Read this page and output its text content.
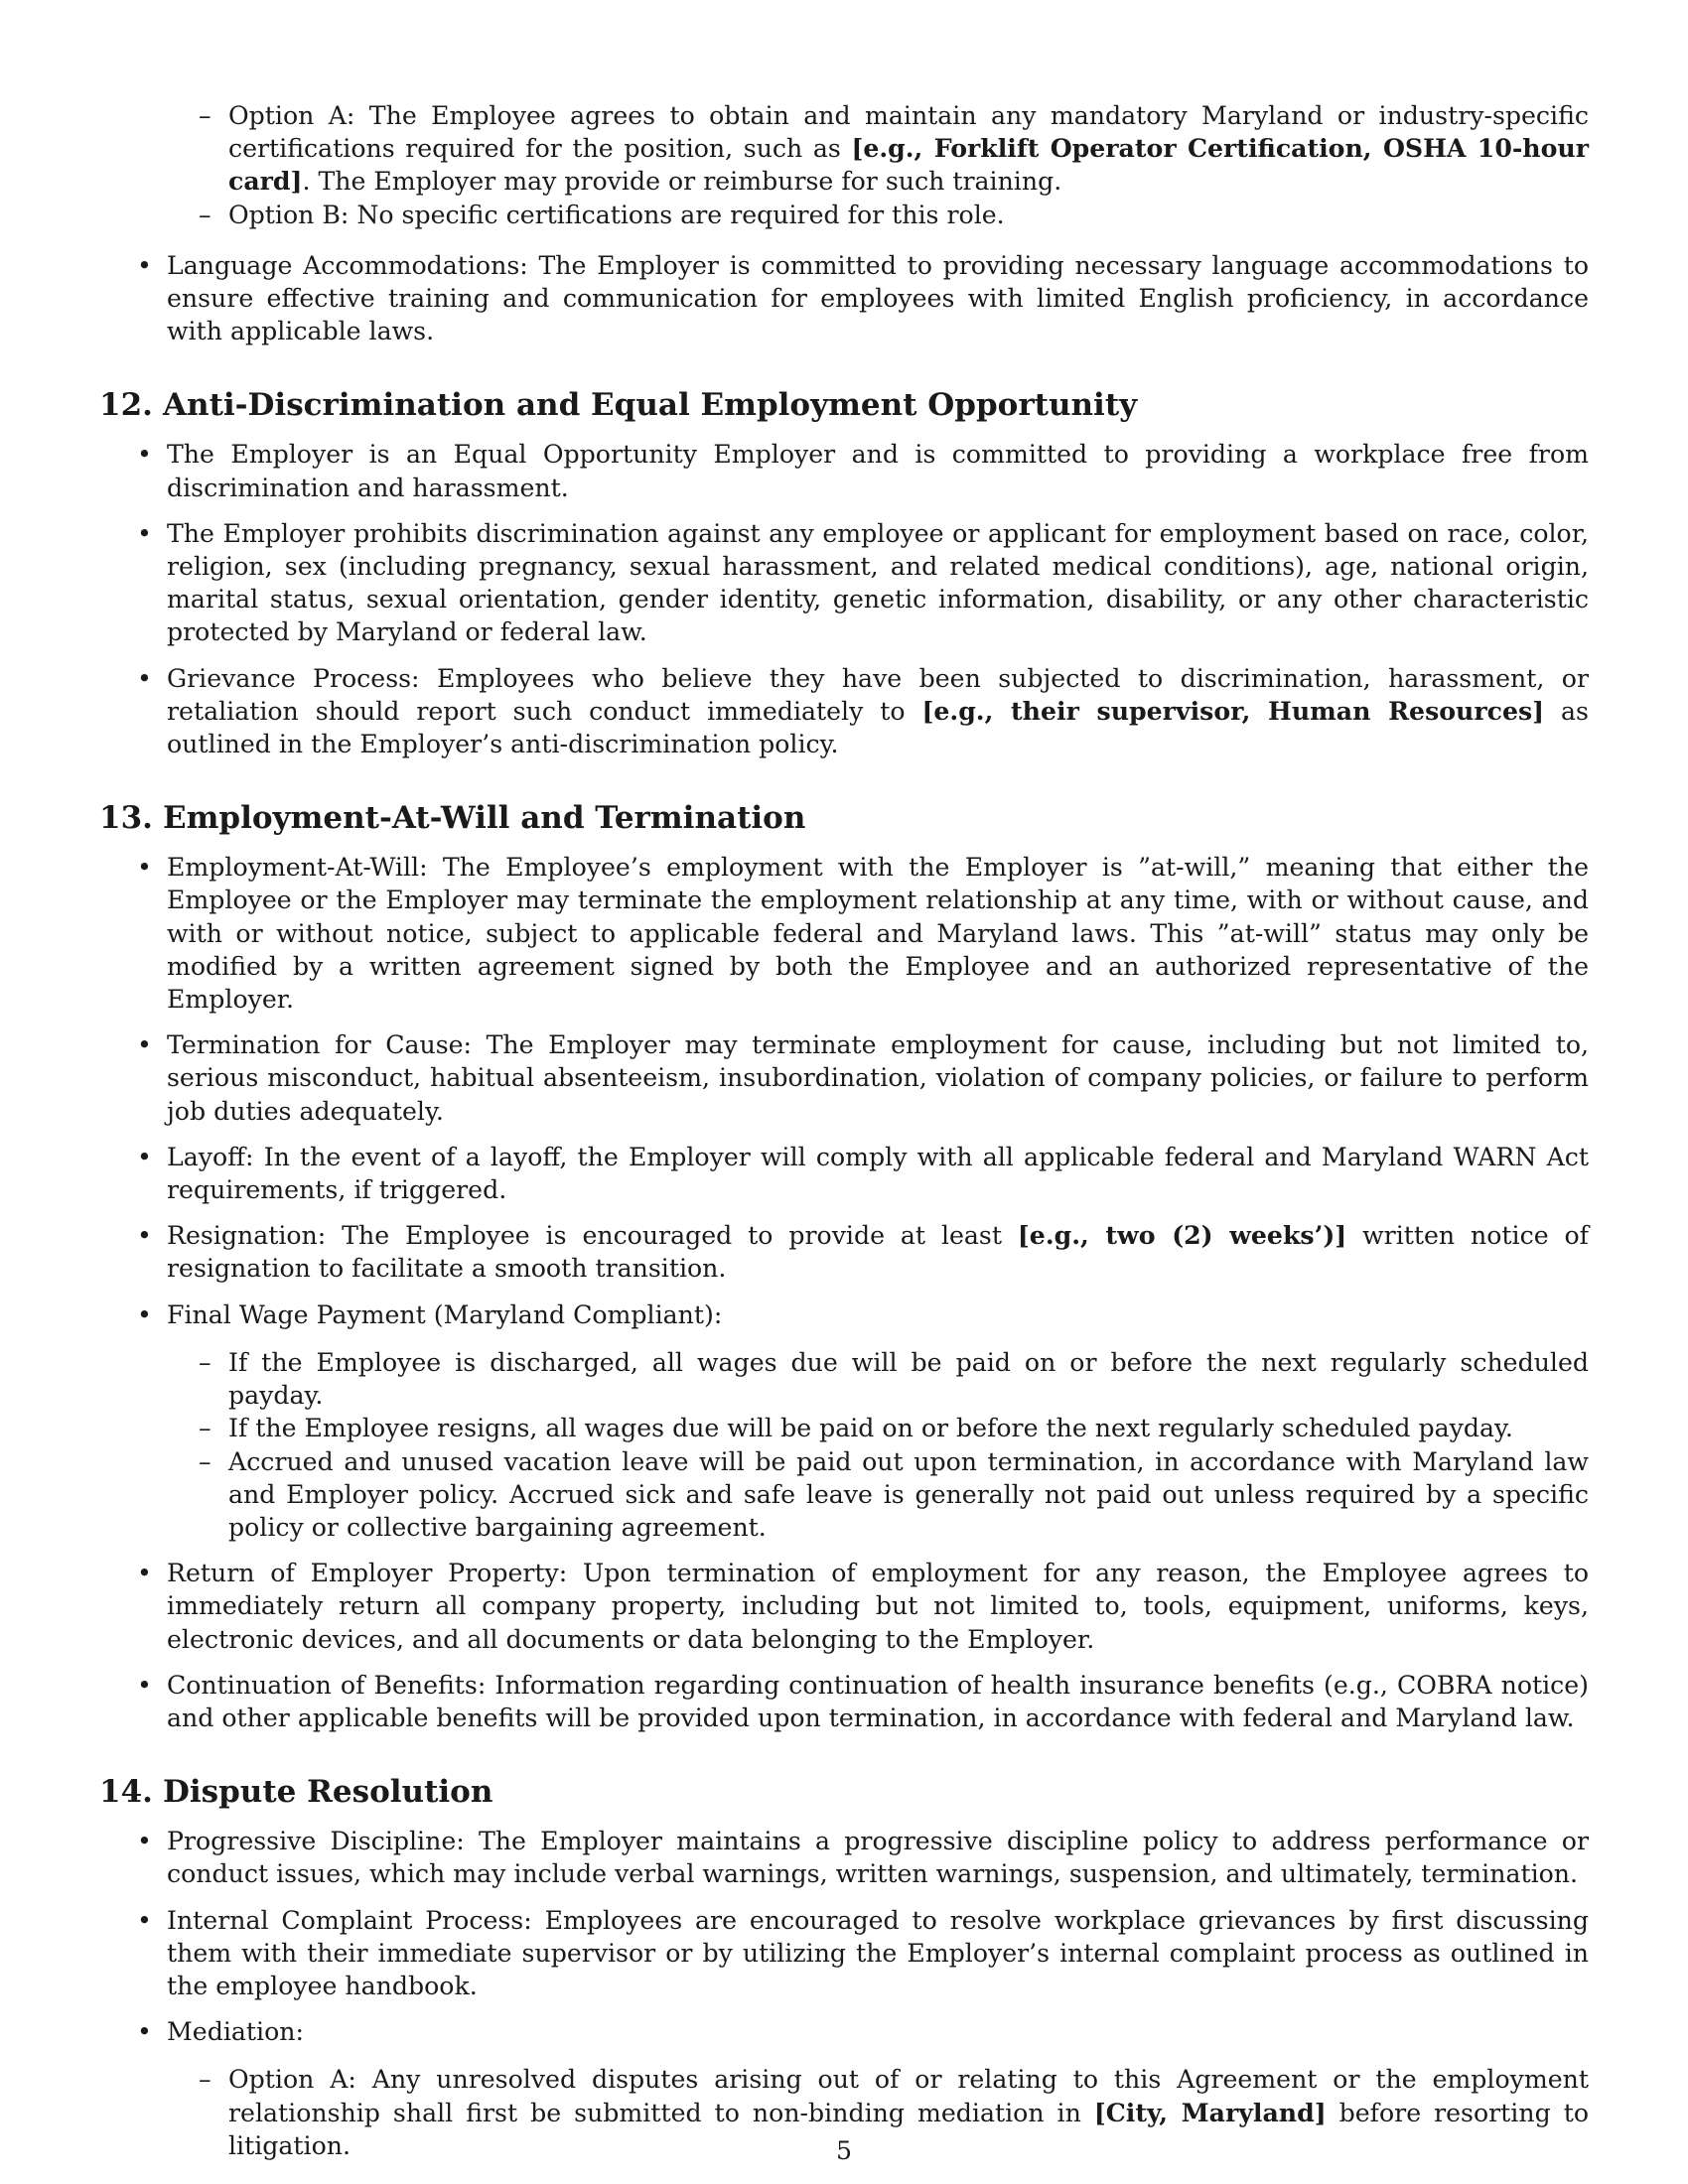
– Option A: The Employee agrees to obtain and maintain any mandatory Maryland or industry-specific certifications required for the position, such as [e.g., Forklift Operator Certification, OSHA 10-hour card]. The Employer may provide or reimburse for such training.
– Option B: No specific certifications are required for this role.
• Language Accommodations: The Employer is committed to providing necessary language accommodations to ensure effective training and communication for employees with limited English proficiency, in accordance with applicable laws.
12. Anti-Discrimination and Equal Employment Opportunity
• The Employer is an Equal Opportunity Employer and is committed to providing a workplace free from discrimination and harassment.
• The Employer prohibits discrimination against any employee or applicant for employment based on race, color, religion, sex (including pregnancy, sexual harassment, and related medical conditions), age, national origin, marital status, sexual orientation, gender identity, genetic information, disability, or any other characteristic protected by Maryland or federal law.
• Grievance Process: Employees who believe they have been subjected to discrimination, harassment, or retaliation should report such conduct immediately to [e.g., their supervisor, Human Resources] as outlined in the Employer’s anti-discrimination policy.
13. Employment-At-Will and Termination
• Employment-At-Will: The Employee’s employment with the Employer is ”at-will,” meaning that either the Employee or the Employer may terminate the employment relationship at any time, with or without cause, and with or without notice, subject to applicable federal and Maryland laws. This ”at-will” status may only be modified by a written agreement signed by both the Employee and an authorized representative of the Employer.
• Termination for Cause: The Employer may terminate employment for cause, including but not limited to, serious misconduct, habitual absenteeism, insubordination, violation of company policies, or failure to perform job duties adequately.
• Layoff: In the event of a layoff, the Employer will comply with all applicable federal and Maryland WARN Act requirements, if triggered.
• Resignation: The Employee is encouraged to provide at least [e.g., two (2) weeks’)] written notice of resignation to facilitate a smooth transition.
• Final Wage Payment (Maryland Compliant):
– If the Employee is discharged, all wages due will be paid on or before the next regularly scheduled payday.
– If the Employee resigns, all wages due will be paid on or before the next regularly scheduled payday.
– Accrued and unused vacation leave will be paid out upon termination, in accordance with Maryland law and Employer policy. Accrued sick and safe leave is generally not paid out unless required by a specific policy or collective bargaining agreement.
• Return of Employer Property: Upon termination of employment for any reason, the Employee agrees to immediately return all company property, including but not limited to, tools, equipment, uniforms, keys, electronic devices, and all documents or data belonging to the Employer.
• Continuation of Benefits: Information regarding continuation of health insurance benefits (e.g., COBRA notice) and other applicable benefits will be provided upon termination, in accordance with federal and Maryland law.
14. Dispute Resolution
• Progressive Discipline: The Employer maintains a progressive discipline policy to address performance or conduct issues, which may include verbal warnings, written warnings, suspension, and ultimately, termination.
• Internal Complaint Process: Employees are encouraged to resolve workplace grievances by first discussing them with their immediate supervisor or by utilizing the Employer’s internal complaint process as outlined in the employee handbook.
• Mediation:
– Option A: Any unresolved disputes arising out of or relating to this Agreement or the employment relationship shall first be submitted to non-binding mediation in [City, Maryland] before resorting to litigation.	5
